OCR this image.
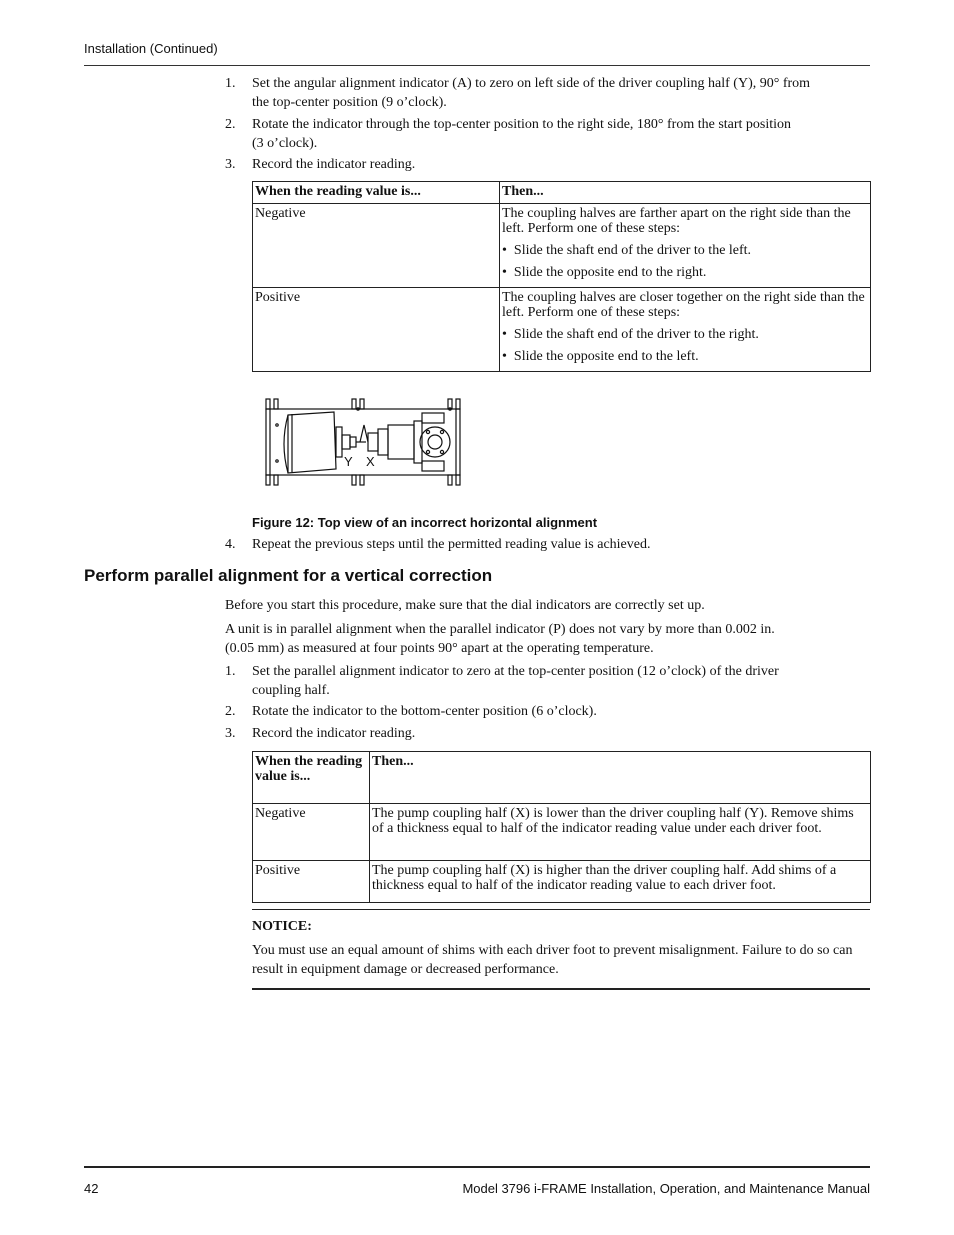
Installation (Continued)
1. Set the angular alignment indicator (A) to zero on left side of the driver coupling half (Y), 90° from
the top-center position (9 o’clock).
2. Rotate the indicator through the top-center position to the right side, 180° from the start position
(3 o’clock).
3. Record the indicator reading.
When the reading value is...	Then...
Negative	The coupling halves are farther apart on the right side than the left. Perform one of these steps:
•  Slide the shaft end of the driver to the left.
•  Slide the opposite end to the right.

Positive	The coupling halves are closer together on the right side than the left. Perform one of these steps:
•  Slide the shaft end of the driver to the right.
•  Slide the opposite end to the left.
Y X
Figure 12: Top view of an incorrect horizontal alignment
4. Repeat the previous steps until the permitted reading value is achieved.
Perform parallel alignment for a vertical correction
Before you start this procedure, make sure that the dial indicators are correctly set up.
A unit is in parallel alignment when the parallel indicator (P) does not vary by more than 0.002 in.
(0.05 mm) as measured at four points 90° apart at the operating temperature.
1. Set the parallel alignment indicator to zero at the top-center position (12 o’clock) of the driver
coupling half.
2. Rotate the indicator to the bottom-center position (6 o’clock).
3. Record the indicator reading.
When the reading value is...	Then...
Negative	The pump coupling half (X) is lower than the driver coupling half (Y). Remove shims of a thickness equal to half of the indicator reading value under each driver foot.
Positive	The pump coupling half (X) is higher than the driver coupling half. Add shims of a thickness equal to half of the indicator reading value to each driver foot.
NOTICE:
You must use an equal amount of shims with each driver foot to prevent misalignment. Failure to do so can result in equipment damage or decreased performance.
42	Model 3796 i-FRAME Installation, Operation, and Maintenance Manual
